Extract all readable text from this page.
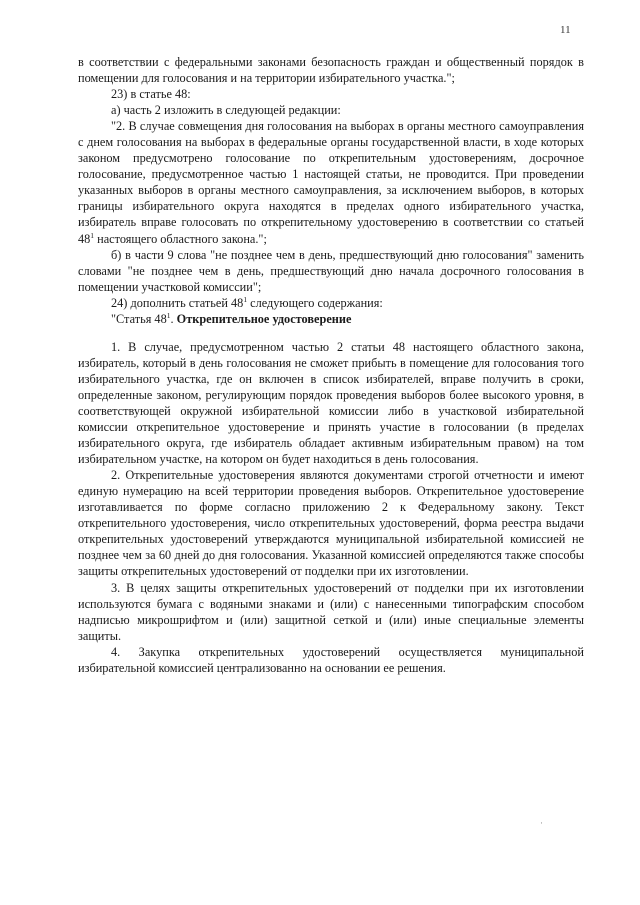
11

в соответствии с федеральными законами безопасность граждан и общественный порядок в помещении для голосования и на территории избирательного участка.";

23) в статье 48:

а) часть 2 изложить в следующей редакции:

"2. В случае совмещения дня голосования на выборах в органы местного самоуправления с днем голосования на выборах в федеральные органы государственной власти, в ходе которых законом предусмотрено голосование по открепительным удостоверениям, досрочное голосование, предусмотренное частью 1 настоящей статьи, не проводится. При проведении указанных выборов в органы местного самоуправления, за исключением выборов, в которых границы избирательного округа находятся в пределах одного избирательного участка, избиратель вправе голосовать по открепительному удостоверению в соответствии со статьей $48^1$ настоящего областного закона.";

б) в части 9 слова "не позднее чем в день, предшествующий дню голосования" заменить словами "не позднее чем в день, предшествующий дню начала досрочного голосования в помещении участковой комиссии";

24) дополнить статьей $48^1$ следующего содержания:

"Статья $48^1$. Открепительное удостоверение

1. В случае, предусмотренном частью 2 статьи 48 настоящего областного закона, избиратель, который в день голосования не сможет прибыть в помещение для голосования того избирательного участка, где он включен в список избирателей, вправе получить в сроки, определенные законом, регулирующим порядок проведения выборов более высокого уровня, в соответствующей окружной избирательной комиссии либо в участковой избирательной комиссии открепительное удостоверение и принять участие в голосовании (в пределах избирательного округа, где избиратель обладает активным избирательным правом) на том избирательном участке, на котором он будет находиться в день голосования.

2. Открепительные удостоверения являются документами строгой отчетности и имеют единую нумерацию на всей территории проведения выборов. Открепительное удостоверение изготавливается по форме согласно приложению 2 к Федеральному закону. Текст открепительного удостоверения, число открепительных удостоверений, форма реестра выдачи открепительных удостоверений утверждаются муниципальной избирательной комиссией не позднее чем за 60 дней до дня голосования. Указанной комиссией определяются также способы защиты открепительных удостоверений от подделки при их изготовлении.

3. В целях защиты открепительных удостоверений от подделки при их изготовлении используются бумага с водяными знаками и (или) с нанесенными типографским способом надписью микрошрифтом и (или) защитной сеткой и (или) иные специальные элементы защиты.

4. Закупка открепительных удостоверений осуществляется муниципальной избирательной комиссией централизованно на основании ее решения.

·
